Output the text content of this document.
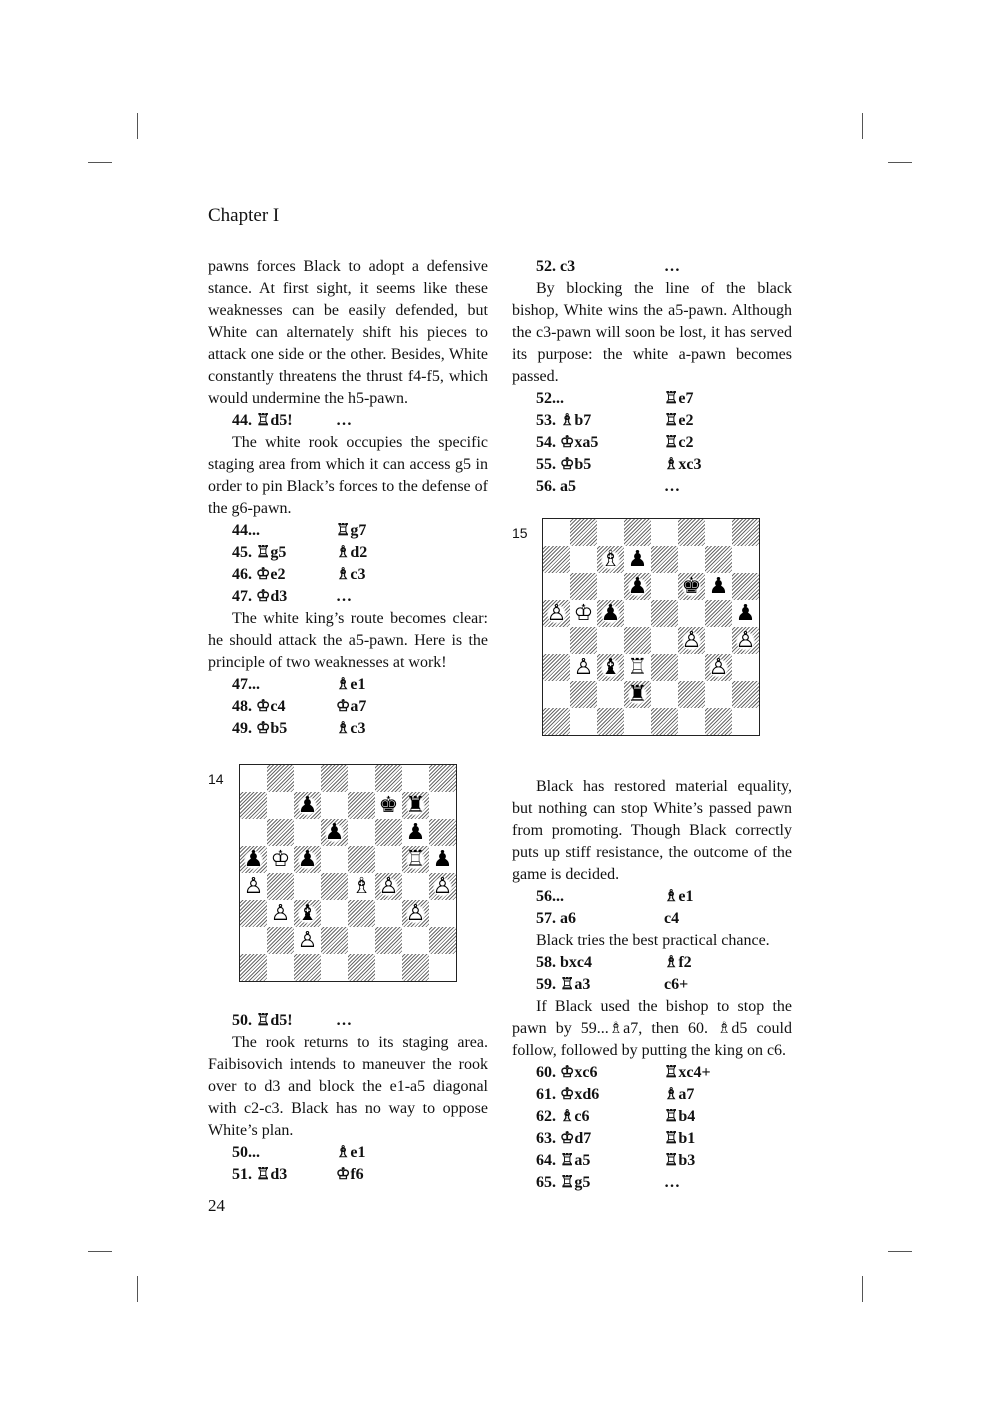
Chapter I

pawns forces Black to adopt a defensive stance. At first sight, it seems like these weaknesses can be easily defended, but White can alternately shift his pieces to attack one side or the other. Besides, White constantly threatens the thrust f4-f5, which would undermine the h5-pawn.

44. ♖d5!	…

The white rook occupies the specific staging area from which it can access g5 in order to pin Black’s forces to the defense of the g6-pawn.

44...	♖g7
45. ♖g5	♗d2
46. ♔e2	♗c3
47. ♔d3	…

The white king’s route becomes clear: he should attack the a5-pawn. Here is the principle of two weaknesses at work!

47...	♗e1
48. ♔c4	♔a7
49. ♔b5	♗c3
14
♟	♚ ♜
♟	♟
♟ ♔ ♟	♖ ♟
♙	♗ ♙ ♙
♙ ♝	♙
♙
50. ♖d5!	…

The rook returns to its staging area. Faibisovich intends to maneuver the rook over to d3 and block the e1-a5 diagonal with c2-c3. Black has no way to oppose White’s plan.

50...	♗e1
51. ♖d3	♔f6
52. c3	…

By blocking the line of the black bishop, White wins the a5-pawn. Although the c3-pawn will soon be lost, it has served its purpose: the white a-pawn becomes passed.

52...	♖e7
53. ♗b7	♖e2
54. ♔xa5	♖c2
55. ♔b5	♗xc3
56. a5	…
15
♗ ♟
♟ ♚ ♟
♙ ♔ ♟	♟
♙ ♙
♙ ♝ ♖	♙
♜

Black has restored material equality, but nothing can stop White’s passed pawn from promoting. Though Black correctly puts up stiff resistance, the outcome of the game is decided.

56...	♗e1
57. a6	c4

Black tries the best practical chance.

58. bxc4	♗f2
59. ♖a3	c6+

If Black used the bishop to stop the pawn by 59...♗a7, then 60. ♗d5 could follow, followed by putting the king on c6.

60. ♔xc6	♖xc4+
61. ♔xd6	♗a7
62. ♗c6	♖b4
63. ♔d7	♖b1
64. ♖a5	♖b3
65. ♖g5	…
24
